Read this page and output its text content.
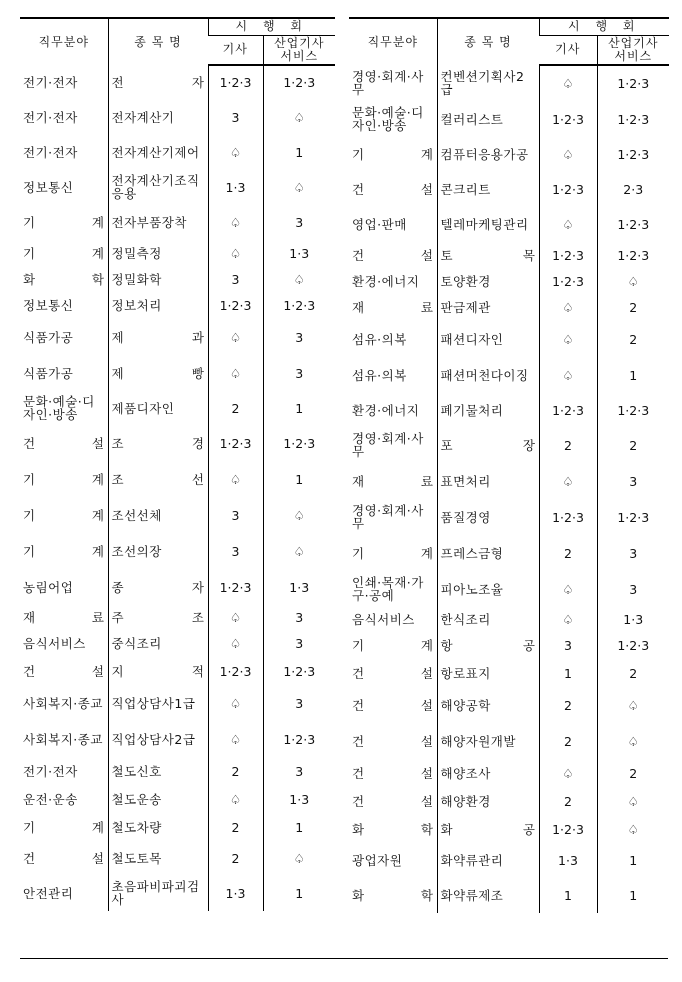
직무분야	종 목 명	시 행 회	
		기사	산업기사
서비스
전기·전자	전 자	1·2·3	1·2·3
전기·전자	전자계산기	3	♤
전기·전자	전자계산기제어	♤	1
정보통신	전자계산기조직응용	1·3	♤
기 계	전자부품장착	♤	3
기 계	정밀측정	♤	1·3
화 학	정밀화학	3	♤
정보통신	정보처리	1·2·3	1·2·3
식품가공	제 과	♤	3
식품가공	제 빵	♤	3
문화·예술·디자인·방송	제품디자인	2	1
건 설	조 경	1·2·3	1·2·3
기 계	조 선	♤	1
기 계	조선선체	3	♤
기 계	조선의장	3	♤
농림어업	종 자	1·2·3	1·3
재 료	주 조	♤	3
음식서비스	중식조리	♤	3
건 설	지 적	1·2·3	1·2·3
사회복지·종교	직업상담사1급	♤	3
사회복지·종교	직업상담사2급	♤	1·2·3
전기·전자	철도신호	2	3
운전·운송	철도운송	♤	1·3
기 계	철도차량	2	1
건 설	철도토목	2	♤
안전관리	초음파비파괴검사	1·3	1
직무분야	종 목 명	시 행 회	
		기사	산업기사
서비스
경영·회계·사무	컨벤션기획사2급	♤	1·2·3
문화·예술·디자인·방송	컬러리스트	1·2·3	1·2·3
기 계	컴퓨터응용가공	♤	1·2·3
건 설	콘크리트	1·2·3	2·3
영업·판매	텔레마케팅관리	♤	1·2·3
건 설	토 목	1·2·3	1·2·3
환경·에너지	토양환경	1·2·3	♤
재 료	판금제관	♤	2
섬유·의복	패션디자인	♤	2
섬유·의복	패션머천다이징	♤	1
환경·에너지	폐기물처리	1·2·3	1·2·3
경영·회계·사무	포 장	2	2
재 료	표면처리	♤	3
경영·회계·사무	품질경영	1·2·3	1·2·3
기 계	프레스금형	2	3
인쇄·목재·가구·공예	피아노조율	♤	3
음식서비스	한식조리	♤	1·3
기 계	항 공	3	1·2·3
건 설	항로표지	1	2
건 설	해양공학	2	♤
건 설	해양자원개발	2	♤
건 설	해양조사	♤	2
건 설	해양환경	2	♤
화 학	화 공	1·2·3	♤
광업자원	화약류관리	1·3	1
화 학	화약류제조	1	1
